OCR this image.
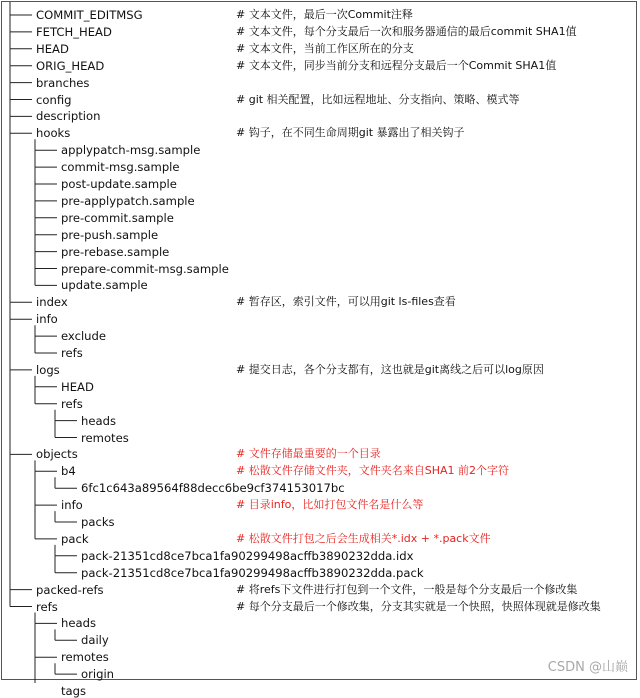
COMMIT_EDITMSG	# 文本文件，最后一次Commit注释
FETCH_HEAD	# 文本文件，每个分支最后一次和服务器通信的最后commit SHA1值
HEAD	# 文本文件，当前工作区所在的分支
ORIG_HEAD	# 文本文件，同步当前分支和远程分支最后一个Commit SHA1值
branches
config	# git 相关配置，比如远程地址、分支指向、策略、模式等
description
hooks	# 钩子，在不同生命周期git 暴露出了相关钩子
applypatch-msg.sample
commit-msg.sample
post-update.sample
pre-applypatch.sample
pre-commit.sample
pre-push.sample
pre-rebase.sample
prepare-commit-msg.sample
update.sample
index	# 暂存区，索引文件，可以用git ls-files查看
info
exclude
refs
logs	# 提交日志，各个分支都有，这也就是git离线之后可以log原因
HEAD
refs
heads
remotes
objects	# 文件存储最重要的一个目录
b4	# 松散文件存储文件夹，文件夹名来自SHA1 前2个字符
6fc1c643a89564f88decc6be9cf374153017bc
info	# 目录info，比如打包文件名是什么等
packs
pack	# 松散文件打包之后会生成相关*.idx + *.pack文件
pack-21351cd8ce7bca1fa90299498acffb3890232dda.idx
pack-21351cd8ce7bca1fa90299498acffb3890232dda.pack
packed-refs	# 将refs下文件进行打包到一个文件，一般是每个分支最后一个修改集
refs	# 每个分支最后一个修改集，分支其实就是一个快照，快照体现就是修改集
heads
daily
remotes
origin
tags
CSDN @山巅
